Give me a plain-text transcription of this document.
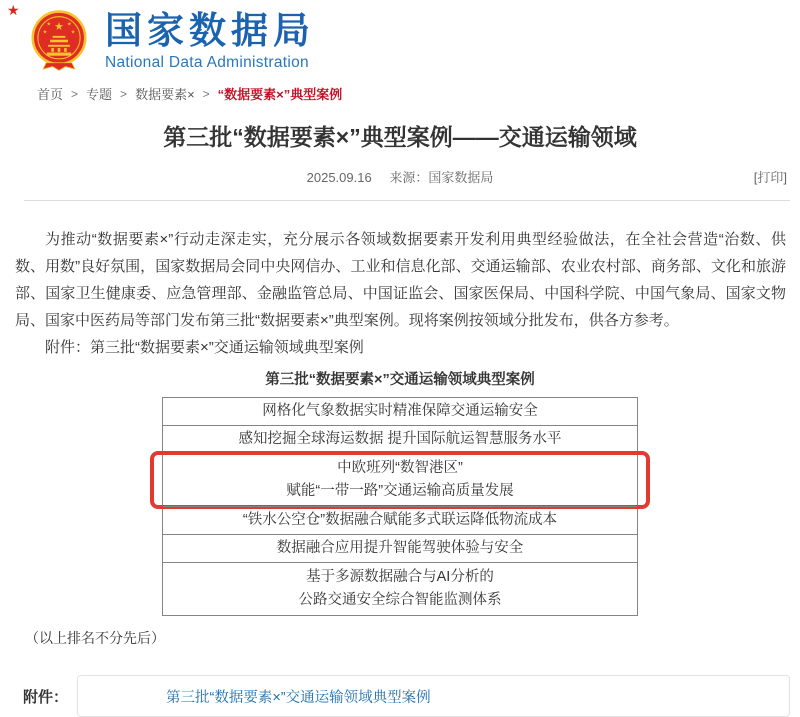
★
★
★ ★
★	★ 国家数据局
National Data Administration
首页 > 专题 > 数据要素× > “数据要素×”典型案例
第三批“数据要素×”典型案例——交通运输领域
2025.09.16 来源：国家数据局	[打印]

为推动“数据要素×”行动走深走实，充分展示各领域数据要素开发利用典型经验做法，在全社会营造“治数、供数、用数”良好氛围，国家数据局会同中央网信办、工业和信息化部、交通运输部、农业农村部、商务部、文化和旅游部、国家卫生健康委、应急管理部、金融监管总局、中国证监会、国家医保局、中国科学院、中国气象局、国家文物局、国家中医药局等部门发布第三批“数据要素×”典型案例。现将案例按领域分批发布，供各方参考。

附件：第三批“数据要素×”交通运输领域典型案例

第三批“数据要素×”交通运输领域典型案例
网格化气象数据实时精准保障交通运输安全
感知挖掘全球海运数据 提升国际航运智慧服务水平
中欧班列“数智港区”
赋能“一带一路”交通运输高质量发展
“铁水公空仓”数据融合赋能多式联运降低物流成本
数据融合应用提升智能驾驶体验与安全
基于多源数据融合与AI分析的
公路交通安全综合智能监测体系
（以上排名不分先后）
附件：	第三批“数据要素×”交通运输领域典型案例
